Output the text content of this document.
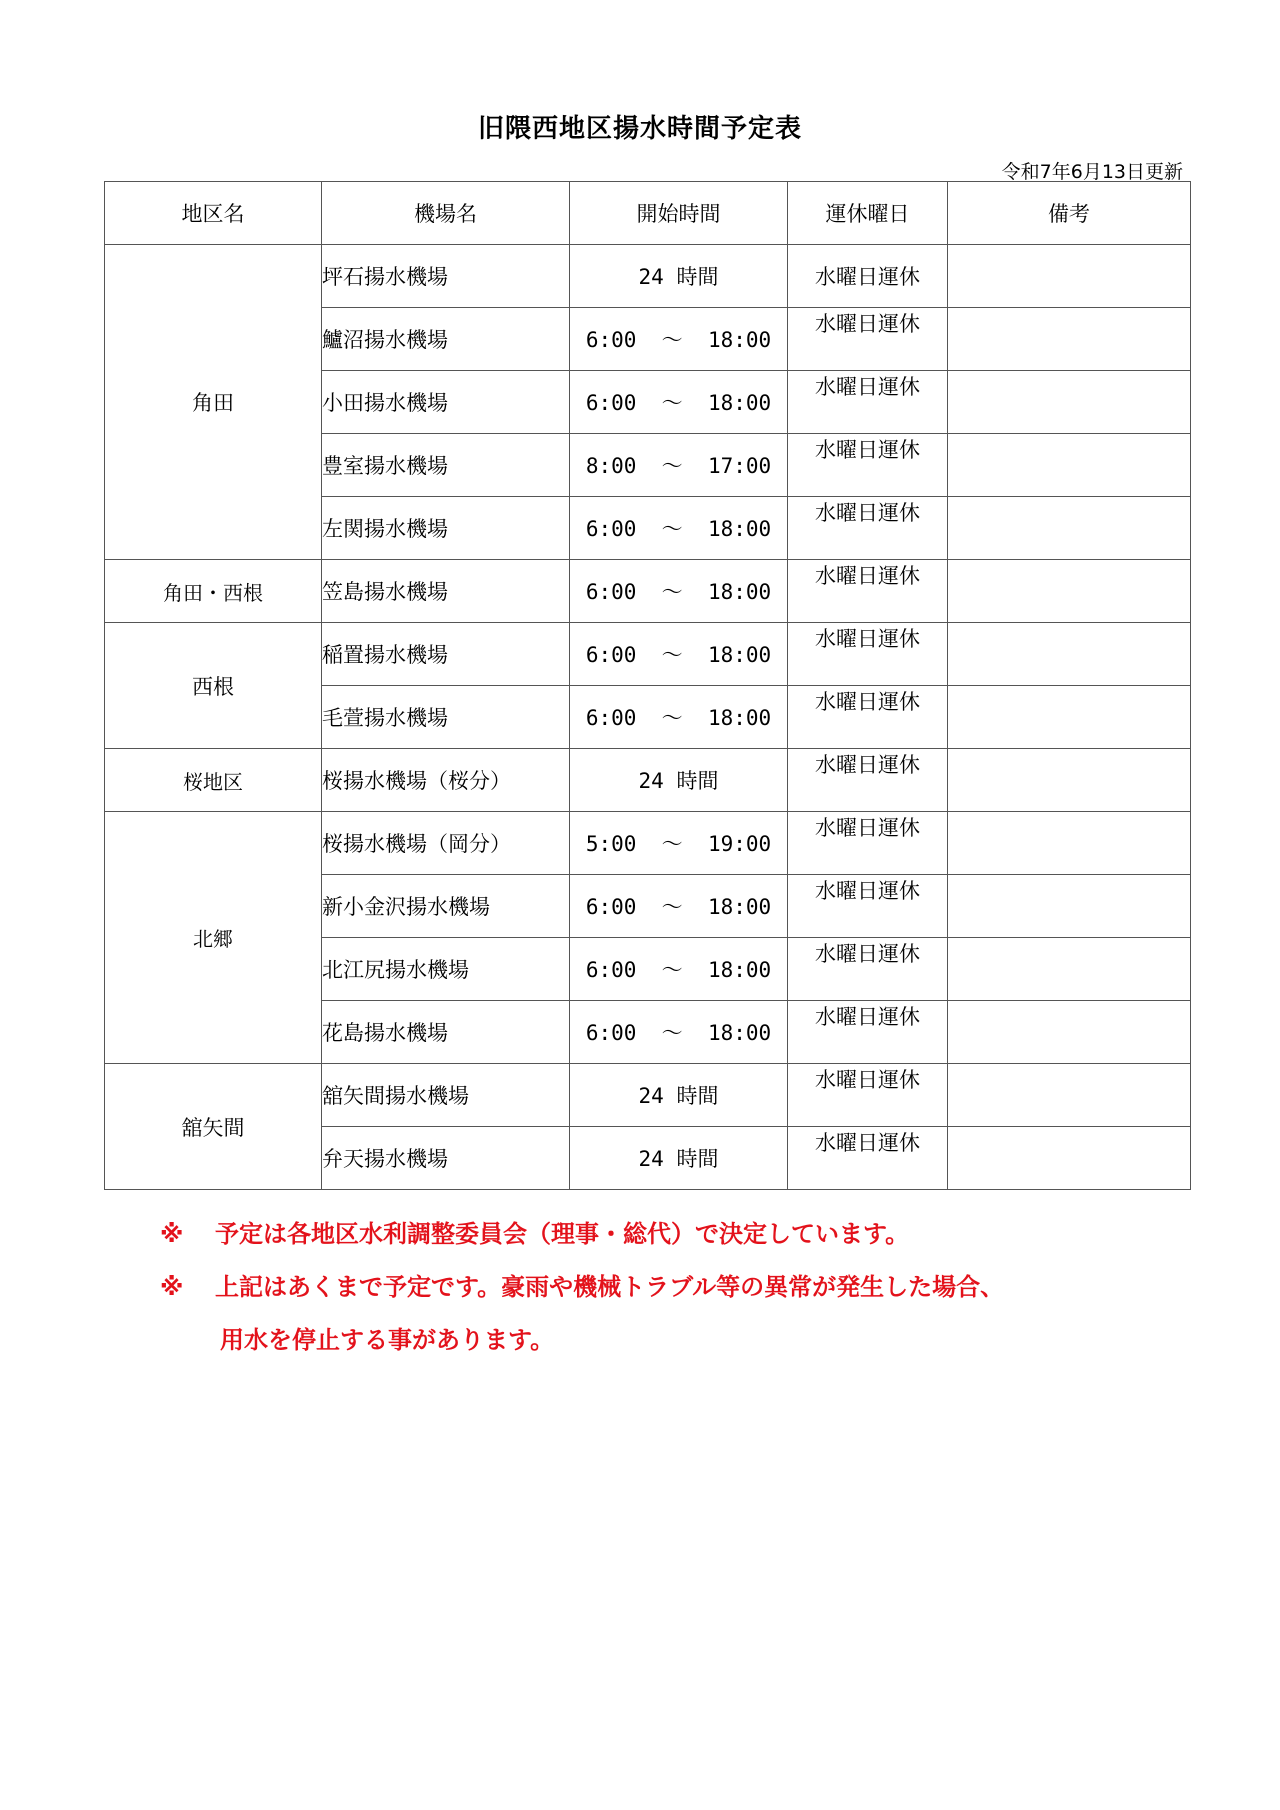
旧隈西地区揚水時間予定表
令和7年6月13日更新
地区名	機場名	開始時間	運休曜日	備考
角田	坪石揚水機場	24 時間	水曜日運休	
	鱸沼揚水機場	6:00  ～  18:00	水曜日運休	
	小田揚水機場	6:00  ～  18:00	水曜日運休	
	豊室揚水機場	8:00  ～  17:00	水曜日運休	
	左関揚水機場	6:00  ～  18:00	水曜日運休	
角田・西根	笠島揚水機場	6:00  ～  18:00	水曜日運休	
西根	稲置揚水機場	6:00  ～  18:00	水曜日運休	
	毛萱揚水機場	6:00  ～  18:00	水曜日運休	
桜地区	桜揚水機場（桜分）	24 時間	水曜日運休	
北郷	桜揚水機場（岡分）	5:00  ～  19:00	水曜日運休	
	新小金沢揚水機場	6:00  ～  18:00	水曜日運休	
	北江尻揚水機場	6:00  ～  18:00	水曜日運休	
	花島揚水機場	6:00  ～  18:00	水曜日運休	
舘矢間	舘矢間揚水機場	24 時間	水曜日運休	
	弁天揚水機場	24 時間	水曜日運休	
※	予定は各地区水利調整委員会（理事・総代）で決定しています。
※	上記はあくまで予定です。豪雨や機械トラブル等の異常が発生した場合、
用水を停止する事があります。
